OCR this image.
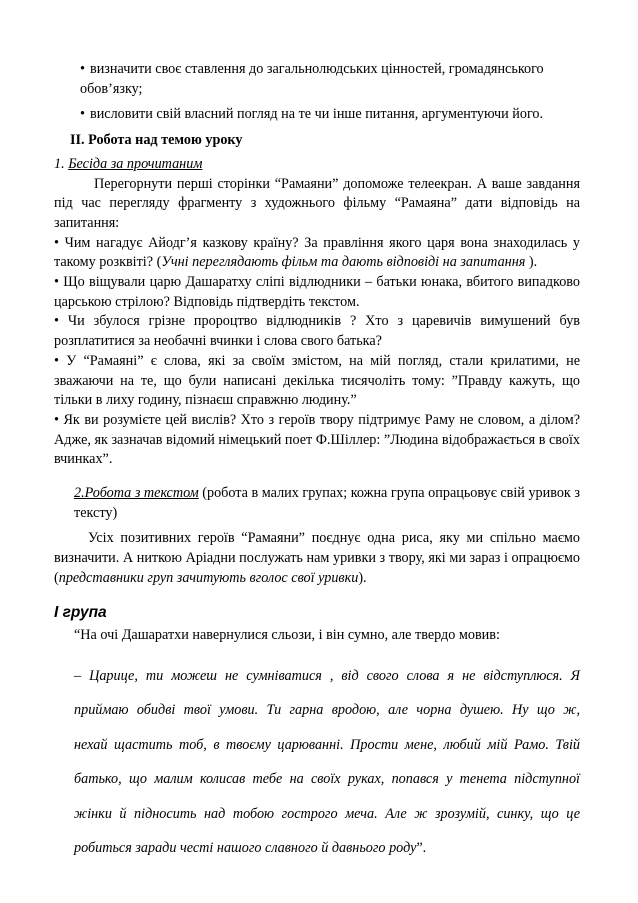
• визначити своє ставлення до загальнолюдських цінностей, громадянського

обов’язку;

• висловити свій власний погляд на те чи інше питання, аргументуючи його.

ІІ. Робота над темою уроку

1. Бесіда за прочитаним

Перегорнути перші сторінки “Рамаяни” допоможе телеекран. А ваше завдання під час перегляду фрагменту з художнього фільму “Рамаяна” дати відповідь на запитання:

• Чим нагадує Айодг’я казкову країну? За правління якого царя вона знаходилась у такому розквіті? (Учні переглядають фільм та дають відповіді на запитання ).

• Що віщували царю Дашаратху сліпі відлюдники – батьки юнака, вбитого випадково царською стрілою? Відповідь підтвердіть текстом.

• Чи збулося грізне пророцтво відлюдників ? Хто з царевичів вимушений був розплатитися за необачні вчинки і слова свого батька?

• У “Рамаяні” є слова, які за своїм змістом, на мій погляд, стали крилатими, не зважаючи на те, що були написані декілька тисячоліть тому: ”Правду кажуть, що тільки в лиху годину, пізнаєш справжню людину.”

• Як ви розумієте цей вислів? Хто з героїв твору підтримує Раму не словом, а ділом? Адже, як зазначав відомий німецький поет Ф.Шіллер: ”Людина відображається в своїх вчинках”.

2.Робота з текстом (робота в малих групах; кожна група опрацьовує свій уривок з тексту)

Усіх позитивних героїв “Рамаяни” поєднує одна риса, яку ми спільно маємо визначити. А ниткою Аріадни послужать нам уривки з твору, які ми зараз і опрацюємо (представники груп зачитують вголос свої уривки).

І група

“На очі Дашаратхи навернулися сльози, і він сумно, але твердо мовив:

– Царице, ти можеш не сумніватися , від свого слова я не відступлюся. Я

приймаю обидві твої умови. Ти гарна вродою, але чорна душею. Ну що ж,

нехай щастить тоб, в твоєму царюванні. Прости мене, любий мій Рамо. Твій

батько, що малим колисав тебе на своїх руках, попався у тенета підступної

жінки й підносить над тобою гострого меча. Але ж зрозумій, синку, що це

робиться заради честі нашого славного й давнього роду”.
